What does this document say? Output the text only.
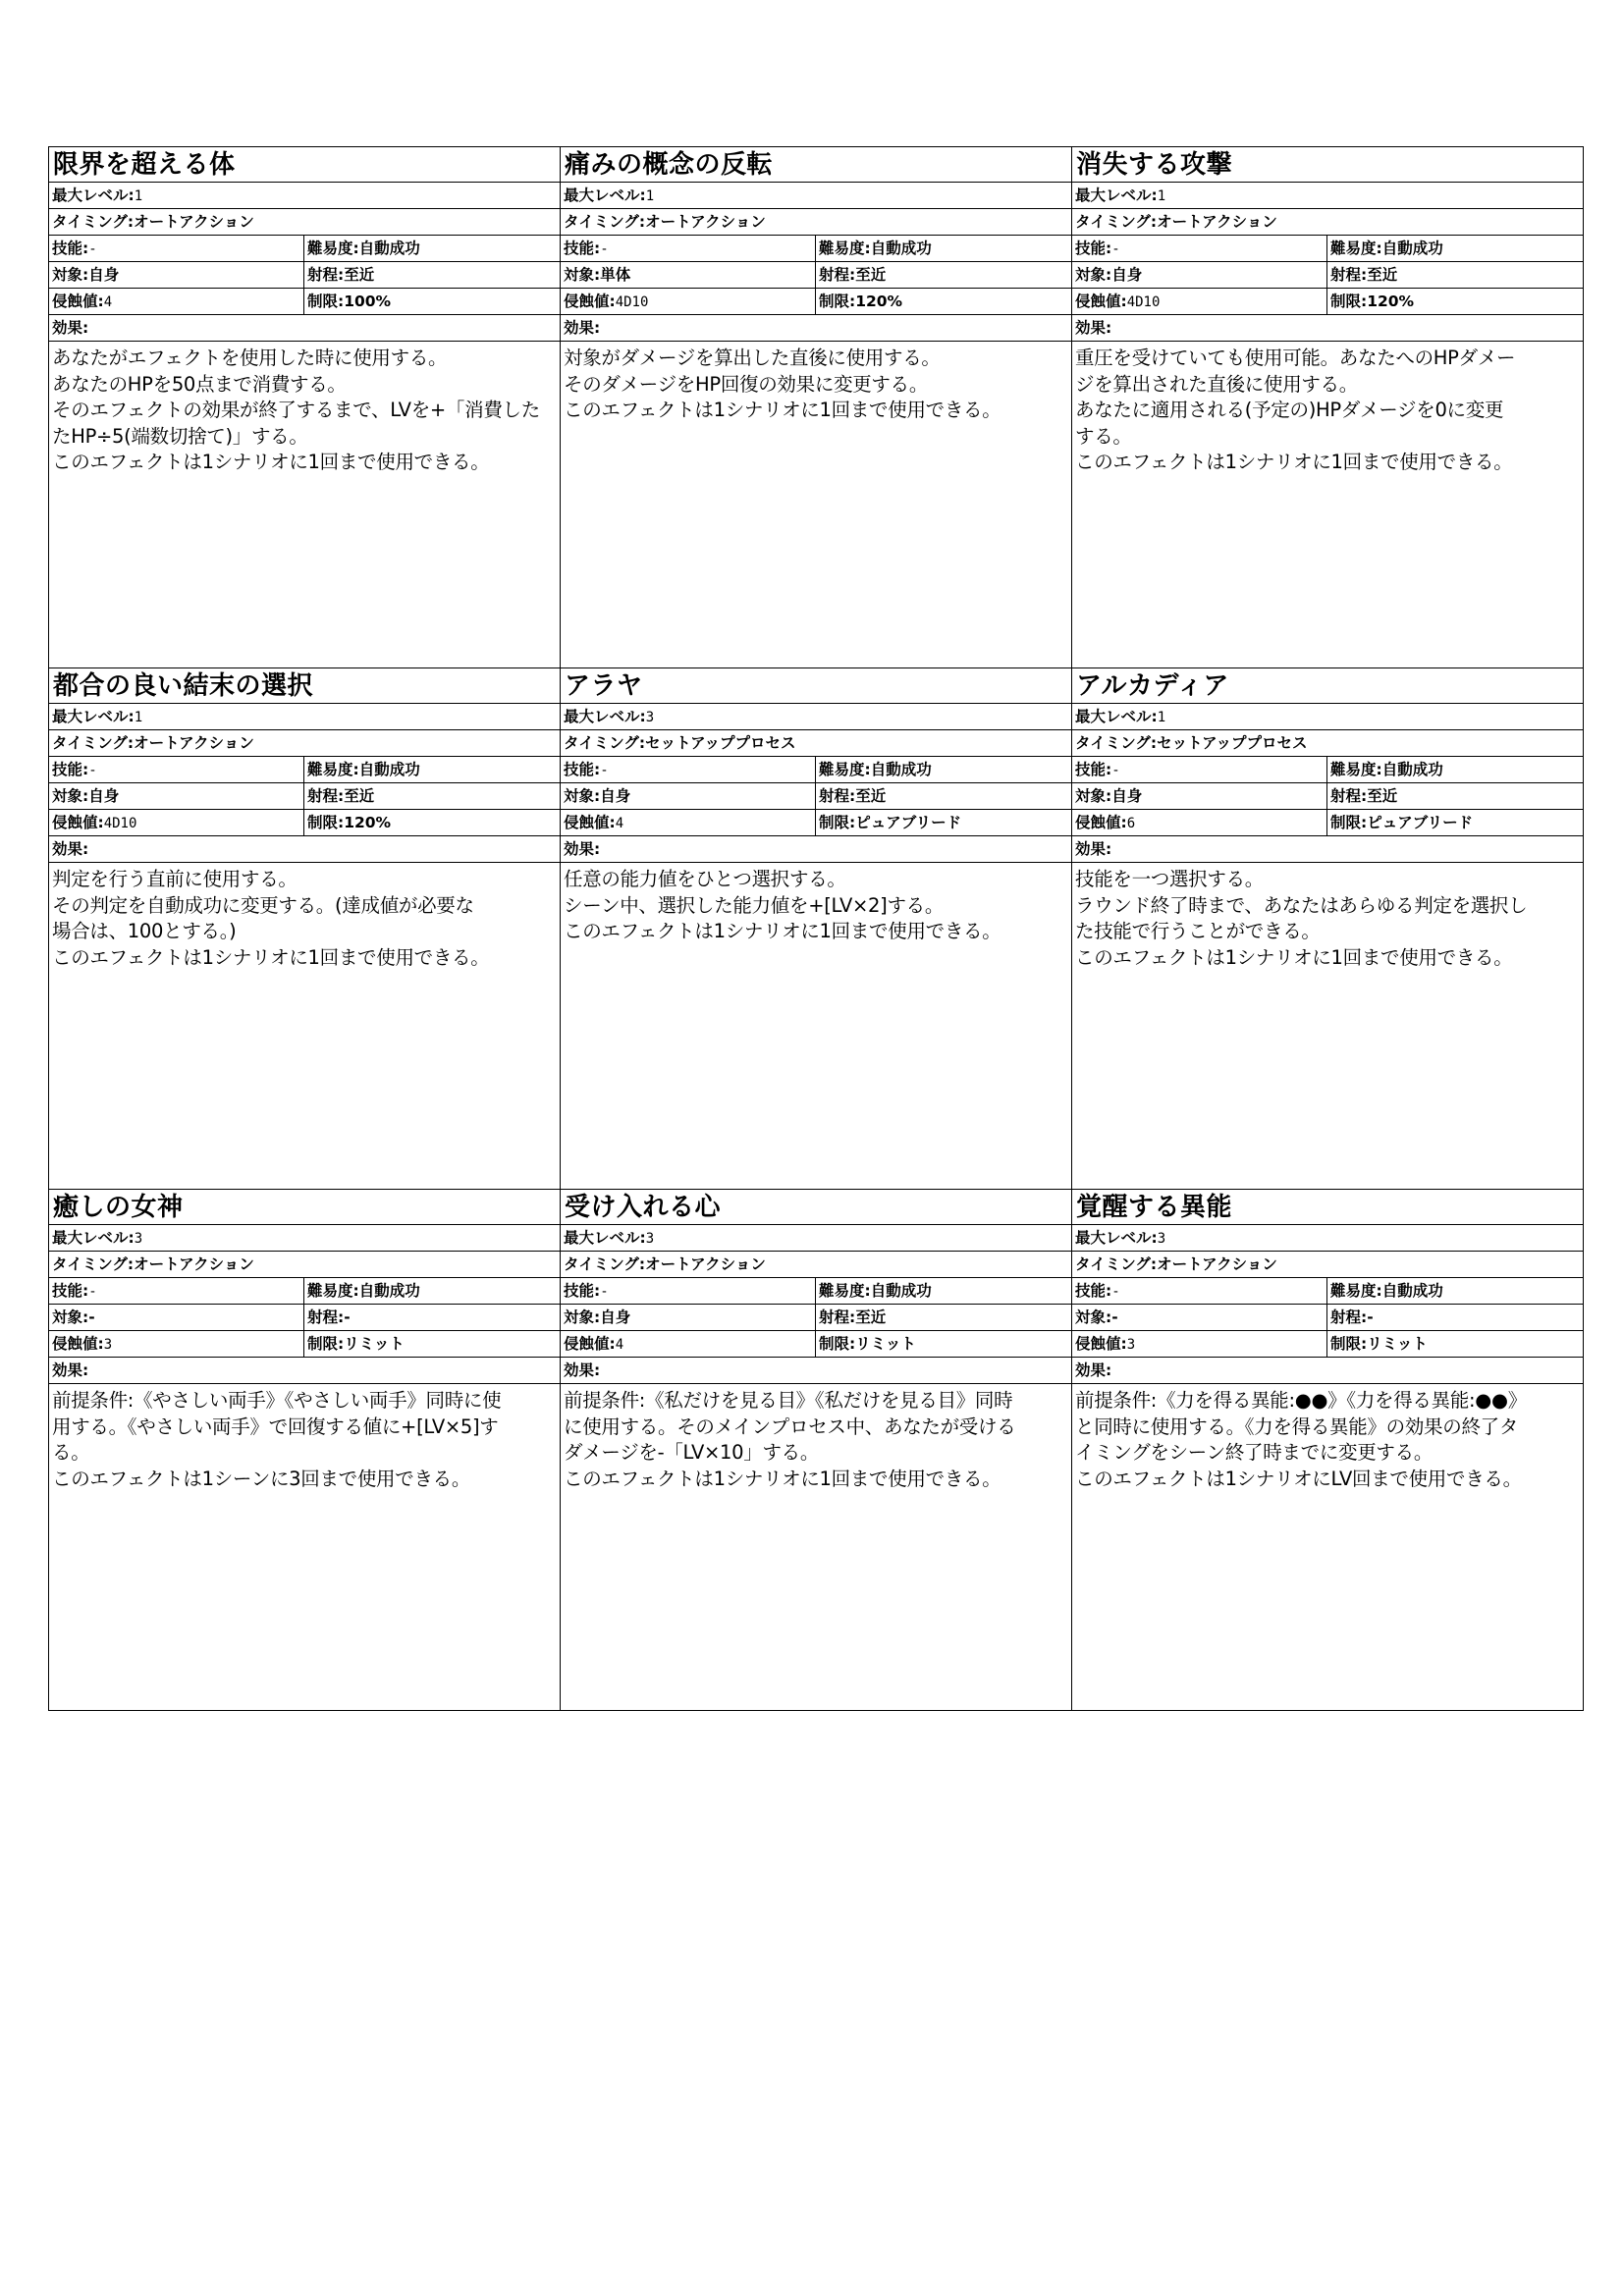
限界を超える体
最大レベル:1
タイミング:オートアクション
技能:-	難易度:自動成功
対象:自身	射程:至近
侵蝕値:4	制限:100%
効果:

あなたがエフェクトを使用した時に使用する。

あなたのHPを50点まで消費する。

そのエフェクトの効果が終了するまで、LVを+「消費した

たHP÷5(端数切捨て)」する。

このエフェクトは1シナリオに1回まで使用できる。

痛みの概念の反転
最大レベル:1
タイミング:オートアクション
技能:-	難易度:自動成功
対象:単体	射程:至近
侵蝕値:4D10	制限:120%
効果:

対象がダメージを算出した直後に使用する。

そのダメージをHP回復の効果に変更する。

このエフェクトは1シナリオに1回まで使用できる。

消失する攻撃
最大レベル:1
タイミング:オートアクション
技能:-	難易度:自動成功
対象:自身	射程:至近
侵蝕値:4D10	制限:120%
効果:

重圧を受けていても使用可能。あなたへのHPダメー

ジを算出された直後に使用する。

あなたに適用される(予定の)HPダメージを0に変更

する。

このエフェクトは1シナリオに1回まで使用できる。

都合の良い結末の選択
最大レベル:1
タイミング:オートアクション
技能:-	難易度:自動成功
対象:自身	射程:至近
侵蝕値:4D10	制限:120%
効果:

判定を行う直前に使用する。

その判定を自動成功に変更する。(達成値が必要な

場合は、100とする。)

このエフェクトは1シナリオに1回まで使用できる。

アラヤ
最大レベル:3
タイミング:セットアッププロセス
技能:-	難易度:自動成功
対象:自身	射程:至近
侵蝕値:4	制限:ピュアブリード
効果:

任意の能力値をひとつ選択する。

シーン中、選択した能力値を+[LV×2]する。

このエフェクトは1シナリオに1回まで使用できる。

アルカディア
最大レベル:1
タイミング:セットアッププロセス
技能:-	難易度:自動成功
対象:自身	射程:至近
侵蝕値:6	制限:ピュアブリード
効果:

技能を一つ選択する。

ラウンド終了時まで、あなたはあらゆる判定を選択し

た技能で行うことができる。

このエフェクトは1シナリオに1回まで使用できる。

癒しの女神
最大レベル:3
タイミング:オートアクション
技能:-	難易度:自動成功
対象:-	射程:-
侵蝕値:3	制限:リミット
効果:

前提条件:《やさしい両手》《やさしい両手》同時に使

用する。《やさしい両手》で回復する値に+[LV×5]す

る。

このエフェクトは1シーンに3回まで使用できる。

受け入れる心
最大レベル:3
タイミング:オートアクション
技能:-	難易度:自動成功
対象:自身	射程:至近
侵蝕値:4	制限:リミット
効果:

前提条件:《私だけを見る目》《私だけを見る目》同時

に使用する。そのメインプロセス中、あなたが受ける

ダメージを-「LV×10」する。

このエフェクトは1シナリオに1回まで使用できる。

覚醒する異能
最大レベル:3
タイミング:オートアクション
技能:-	難易度:自動成功
対象:-	射程:-
侵蝕値:3	制限:リミット
効果:

前提条件:《力を得る異能:●●》《力を得る異能:●●》

と同時に使用する。《力を得る異能》の効果の終了タ

イミングをシーン終了時までに変更する。

このエフェクトは1シナリオにLV回まで使用できる。
